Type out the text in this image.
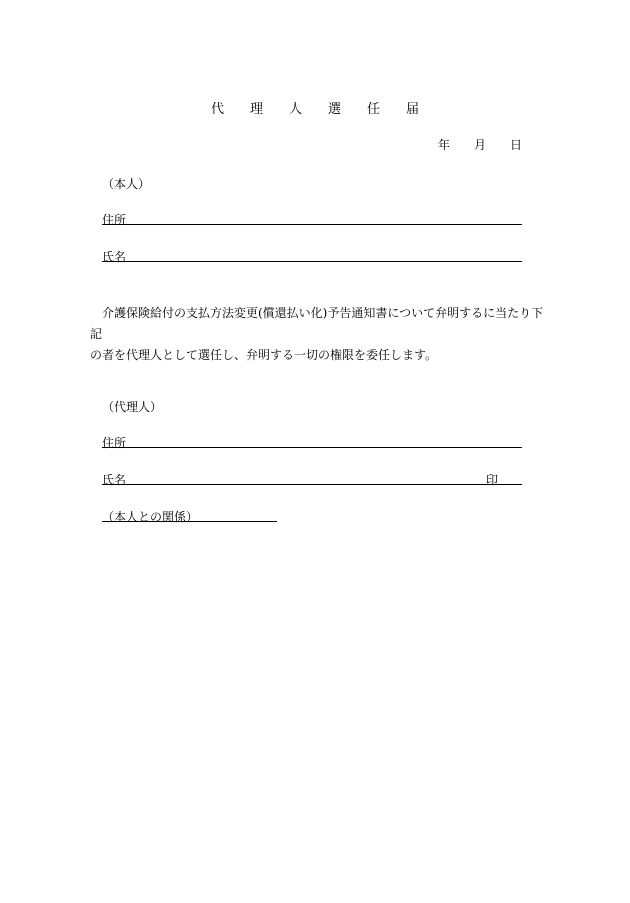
代 理 人 選 任 届
年 月 日
（本人）
住所
氏名

介護保険給付の支払方法変更(償還払い化)予告通知書について弁明するに当たり下記

の者を代理人として選任し、弁明する一切の権限を委任します。

（代理人）
住所
氏名	印
（本人との関係）
